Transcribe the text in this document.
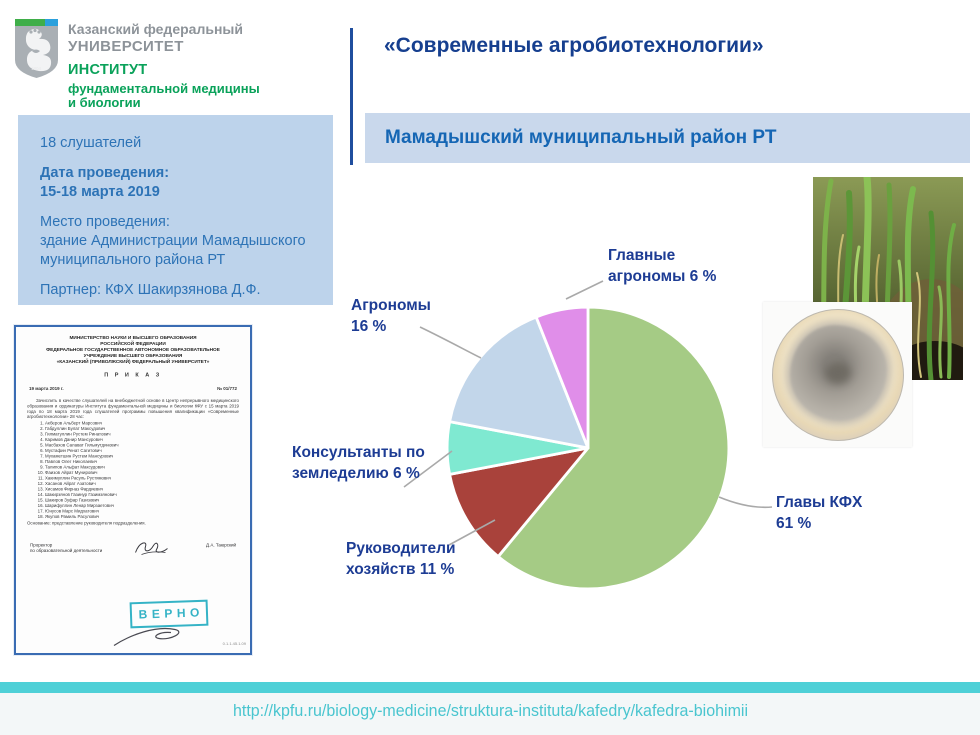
1804
Казанский федеральный
УНИВЕРСИТЕТ
ИНСТИТУТ
фундаментальной медицины
и биологии
«Современные агробиотехнологии»
Мамадышский муниципальный район РТ
18 слушателей
Дата проведения:
15-18 марта 2019
Место проведения:
здание Администрации Мамадышского
муниципального района РТ
Партнер: КФХ Шакирзянова Д.Ф.
МИНИСТЕРСТВО НАУКИ И ВЫСШЕГО ОБРАЗОВАНИЯ
РОССИЙСКОЙ ФЕДЕРАЦИИ
ФЕДЕРАЛЬНОЕ ГОСУДАРСТВЕННОЕ АВТОНОМНОЕ ОБРАЗОВАТЕЛЬНОЕ
УЧРЕЖДЕНИЕ ВЫСШЕГО ОБРАЗОВАНИЯ
«КАЗАНСКИЙ (ПРИВОЛЖСКИЙ) ФЕДЕРАЛЬНЫЙ УНИВЕРСИТЕТ»
П Р И К А З
19 марта 2019 г.	№ 01/772
Зачислить в качестве слушателей на внебюджетной основе в Центр непрерывного медицинского образования и ординатуры Института фундаментальной медицины и биологии КФУ с 15 марта 2019 года по 18 марта 2019 года слушателей программы повышения квалификации «Современные агробиотехнологии» 28 час:
1. Акберов Альберт Марсович
2. Габдуллин Булат Максудович
3. Гилматуллин Рустем Ринатович
4. Каримов Данир Мансурович
5. Масбахов Салават Гильмутдинович
6. Мустафин Ренат Сагитович
7. Мухаметшин Рустем Мансурович
8. Павлов Олег Николаевич
9. Талипов Альфат Максудович
10. Фаизов Айрат Мунирович
11. Хакимуллин Расуль Рустямович
12. Хасанов Айрат Азатович
13. Хисамов Фирназ Фардиевич
14. Шакирзянов Газинур Газимзянович
15. Шакиров Зуфар Газизович
16. Шарифуллин Ленар Мирзаетович
17. Юнусов Марс Мидхатович
18. Якупов Рамиль Расулович
Основание: представление руководителя подразделения.
Проректор
по образовательной деятельности
Д.А. Таюрский
ВЕРНО
0.1.1.45.1.09
Главные
агрономы 6 %
Агрономы
16 %
Консультанты по
земледелию 6 %
Руководители
хозяйств 11 %
Главы КФХ
61 %
http://kpfu.ru/biology-medicine/struktura-instituta/kafedry/kafedra-biohimii
